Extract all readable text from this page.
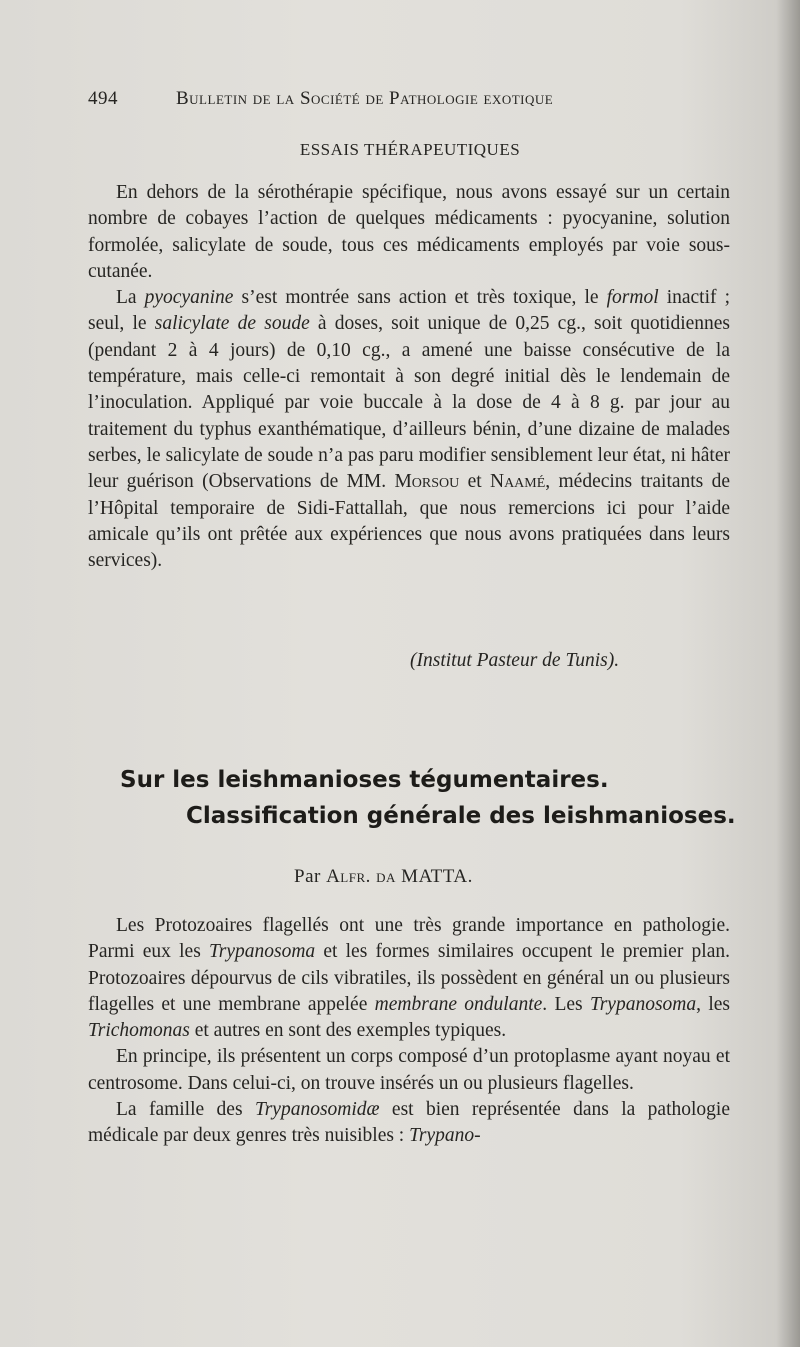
494	Bulletin de la Société de Pathologie exotique
ESSAIS THÉRAPEUTIQUES

En dehors de la sérothérapie spécifique, nous avons essayé sur un certain nombre de cobayes l’action de quelques médicaments : pyocyanine, solution formolée, salicylate de soude, tous ces médicaments employés par voie sous-cutanée.

La pyocyanine s’est montrée sans action et très toxique, le formol inactif ; seul, le salicylate de soude à doses, soit unique de 0,25 cg., soit quotidiennes (pendant 2 à 4 jours) de 0,10 cg., a amené une baisse consécutive de la température, mais celle-ci remontait à son degré initial dès le lendemain de l’inoculation. Appliqué par voie buccale à la dose de 4 à 8 g. par jour au traitement du typhus exanthématique, d’ailleurs bénin, d’une dizaine de malades serbes, le salicylate de soude n’a pas paru modifier sensiblement leur état, ni hâter leur guérison (Observations de MM. Morsou et Naamé, médecins traitants de l’Hôpital temporaire de Sidi-Fattallah, que nous remercions ici pour l’aide amicale qu’ils ont prêtée aux expériences que nous avons pratiquées dans leurs services).

(Institut Pasteur de Tunis).
Sur les leishmanioses tégumentaires.
Classification générale des leishmanioses.
Par Alfr. da MATTA.

Les Protozoaires flagellés ont une très grande importance en pathologie. Parmi eux les Trypanosoma et les formes similaires occupent le premier plan. Protozoaires dépourvus de cils vibratiles, ils possèdent en général un ou plusieurs flagelles et une membrane appelée membrane ondulante. Les Trypanosoma, les Trichomonas et autres en sont des exemples typiques.

En principe, ils présentent un corps composé d’un protoplasme ayant noyau et centrosome. Dans celui-ci, on trouve insérés un ou plusieurs flagelles.

La famille des Trypanosomidæ est bien représentée dans la pathologie médicale par deux genres très nuisibles : Trypano-
